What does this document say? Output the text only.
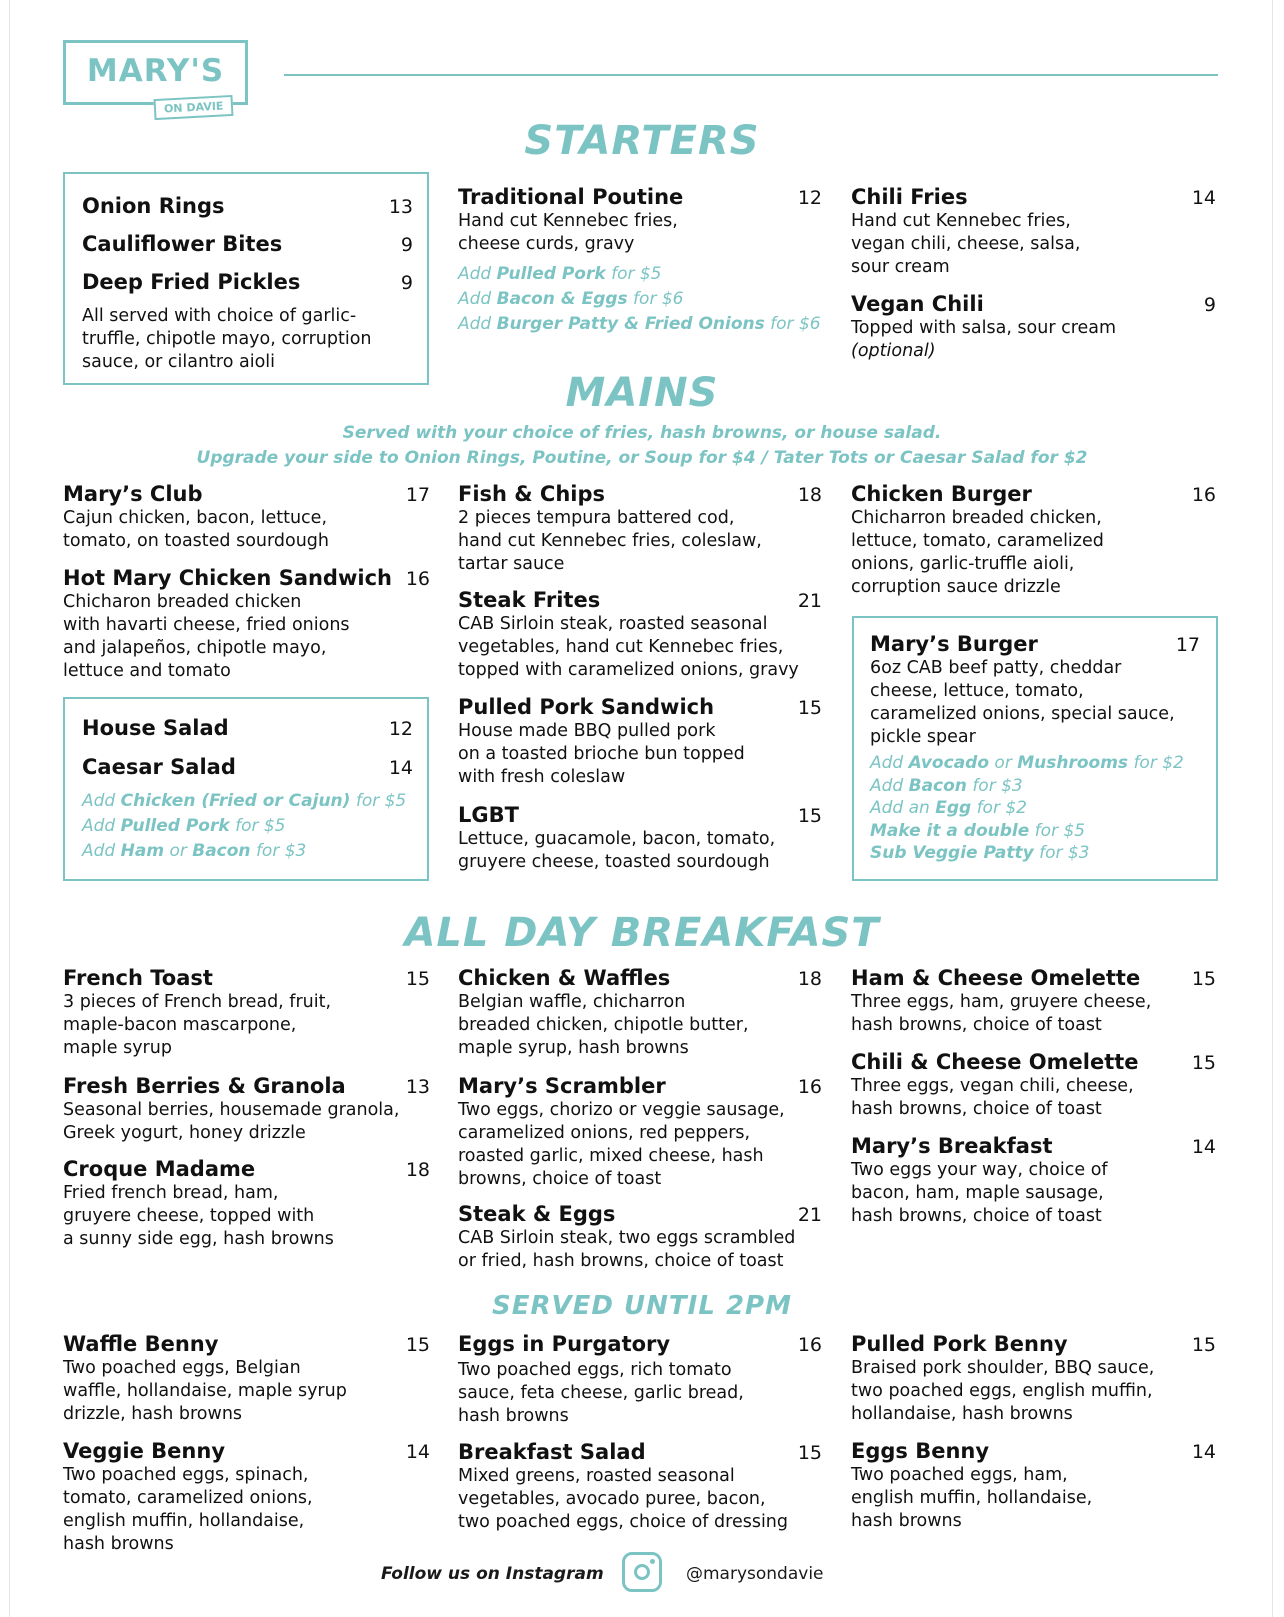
MARY'S
ON DAVIE
STARTERS
Onion Rings	13
Cauliflower Bites	9
Deep Fried Pickles	9
All served with choice of garlic-
truffle, chipotle mayo, corruption
sauce, or cilantro aioli
Traditional Poutine	12
Hand cut Kennebec fries,
cheese curds, gravy
Add Pulled Pork for $5
Add Bacon & Eggs for $6
Add Burger Patty & Fried Onions for $6
Chili Fries	14
Hand cut Kennebec fries,
vegan chili, cheese, salsa,
sour cream
Vegan Chili	9
Topped with salsa, sour cream
(optional)
MAINS
Served with your choice of fries, hash browns, or house salad.
Upgrade your side to Onion Rings, Poutine, or Soup for $4 / Tater Tots or Caesar Salad for $2
Mary’s Club	17
Cajun chicken, bacon, lettuce,
tomato, on toasted sourdough
Hot Mary Chicken Sandwich 16
Chicharon breaded chicken
with havarti cheese, fried onions
and jalapeños, chipotle mayo,
lettuce and tomato
House Salad	12
Caesar Salad	14
Add Chicken (Fried or Cajun) for $5
Add Pulled Pork for $5
Add Ham or Bacon for $3
Fish & Chips	18
2 pieces tempura battered cod,
hand cut Kennebec fries, coleslaw,
tartar sauce
Steak Frites	21
CAB Sirloin steak, roasted seasonal
vegetables, hand cut Kennebec fries,
topped with caramelized onions, gravy
Pulled Pork Sandwich	15
House made BBQ pulled pork
on a toasted brioche bun topped
with fresh coleslaw
LGBT	15
Lettuce, guacamole, bacon, tomato,
gruyere cheese, toasted sourdough
Chicken Burger	16
Chicharron breaded chicken,
lettuce, tomato, caramelized
onions, garlic-truffle aioli,
corruption sauce drizzle
Mary’s Burger	17
6oz CAB beef patty, cheddar
cheese, lettuce, tomato,
caramelized onions, special sauce,
pickle spear
Add Avocado or Mushrooms for $2
Add Bacon for $3
Add an Egg for $2
Make it a double for $5
Sub Veggie Patty for $3
ALL DAY BREAKFAST
French Toast	15
3 pieces of French bread, fruit,
maple-bacon mascarpone,
maple syrup
Fresh Berries & Granola	13
Seasonal berries, housemade granola,
Greek yogurt, honey drizzle
Croque Madame	18
Fried french bread, ham,
gruyere cheese, topped with
a sunny side egg, hash browns
Chicken & Waffles	18
Belgian waffle, chicharron
breaded chicken, chipotle butter,
maple syrup, hash browns
Mary’s Scrambler	16
Two eggs, chorizo or veggie sausage,
caramelized onions, red peppers,
roasted garlic, mixed cheese, hash
browns, choice of toast
Steak & Eggs	21
CAB Sirloin steak, two eggs scrambled
or fried, hash browns, choice of toast
Ham & Cheese Omelette	15
Three eggs, ham, gruyere cheese,
hash browns, choice of toast
Chili & Cheese Omelette	15
Three eggs, vegan chili, cheese,
hash browns, choice of toast
Mary’s Breakfast	14
Two eggs your way, choice of
bacon, ham, maple sausage,
hash browns, choice of toast
SERVED UNTIL 2PM
Waffle Benny	15
Two poached eggs, Belgian
waffle, hollandaise, maple syrup
drizzle, hash browns
Veggie Benny	14
Two poached eggs, spinach,
tomato, caramelized onions,
english muffin, hollandaise,
hash browns
Eggs in Purgatory	16
Two poached eggs, rich tomato
sauce, feta cheese, garlic bread,
hash browns
Breakfast Salad	15
Mixed greens, roasted seasonal
vegetables, avocado puree, bacon,
two poached eggs, choice of dressing
Pulled Pork Benny	15
Braised pork shoulder, BBQ sauce,
two poached eggs, english muffin,
hollandaise, hash browns
Eggs Benny	14
Two poached eggs, ham,
english muffin, hollandaise,
hash browns
Follow us on Instagram	@marysondavie
